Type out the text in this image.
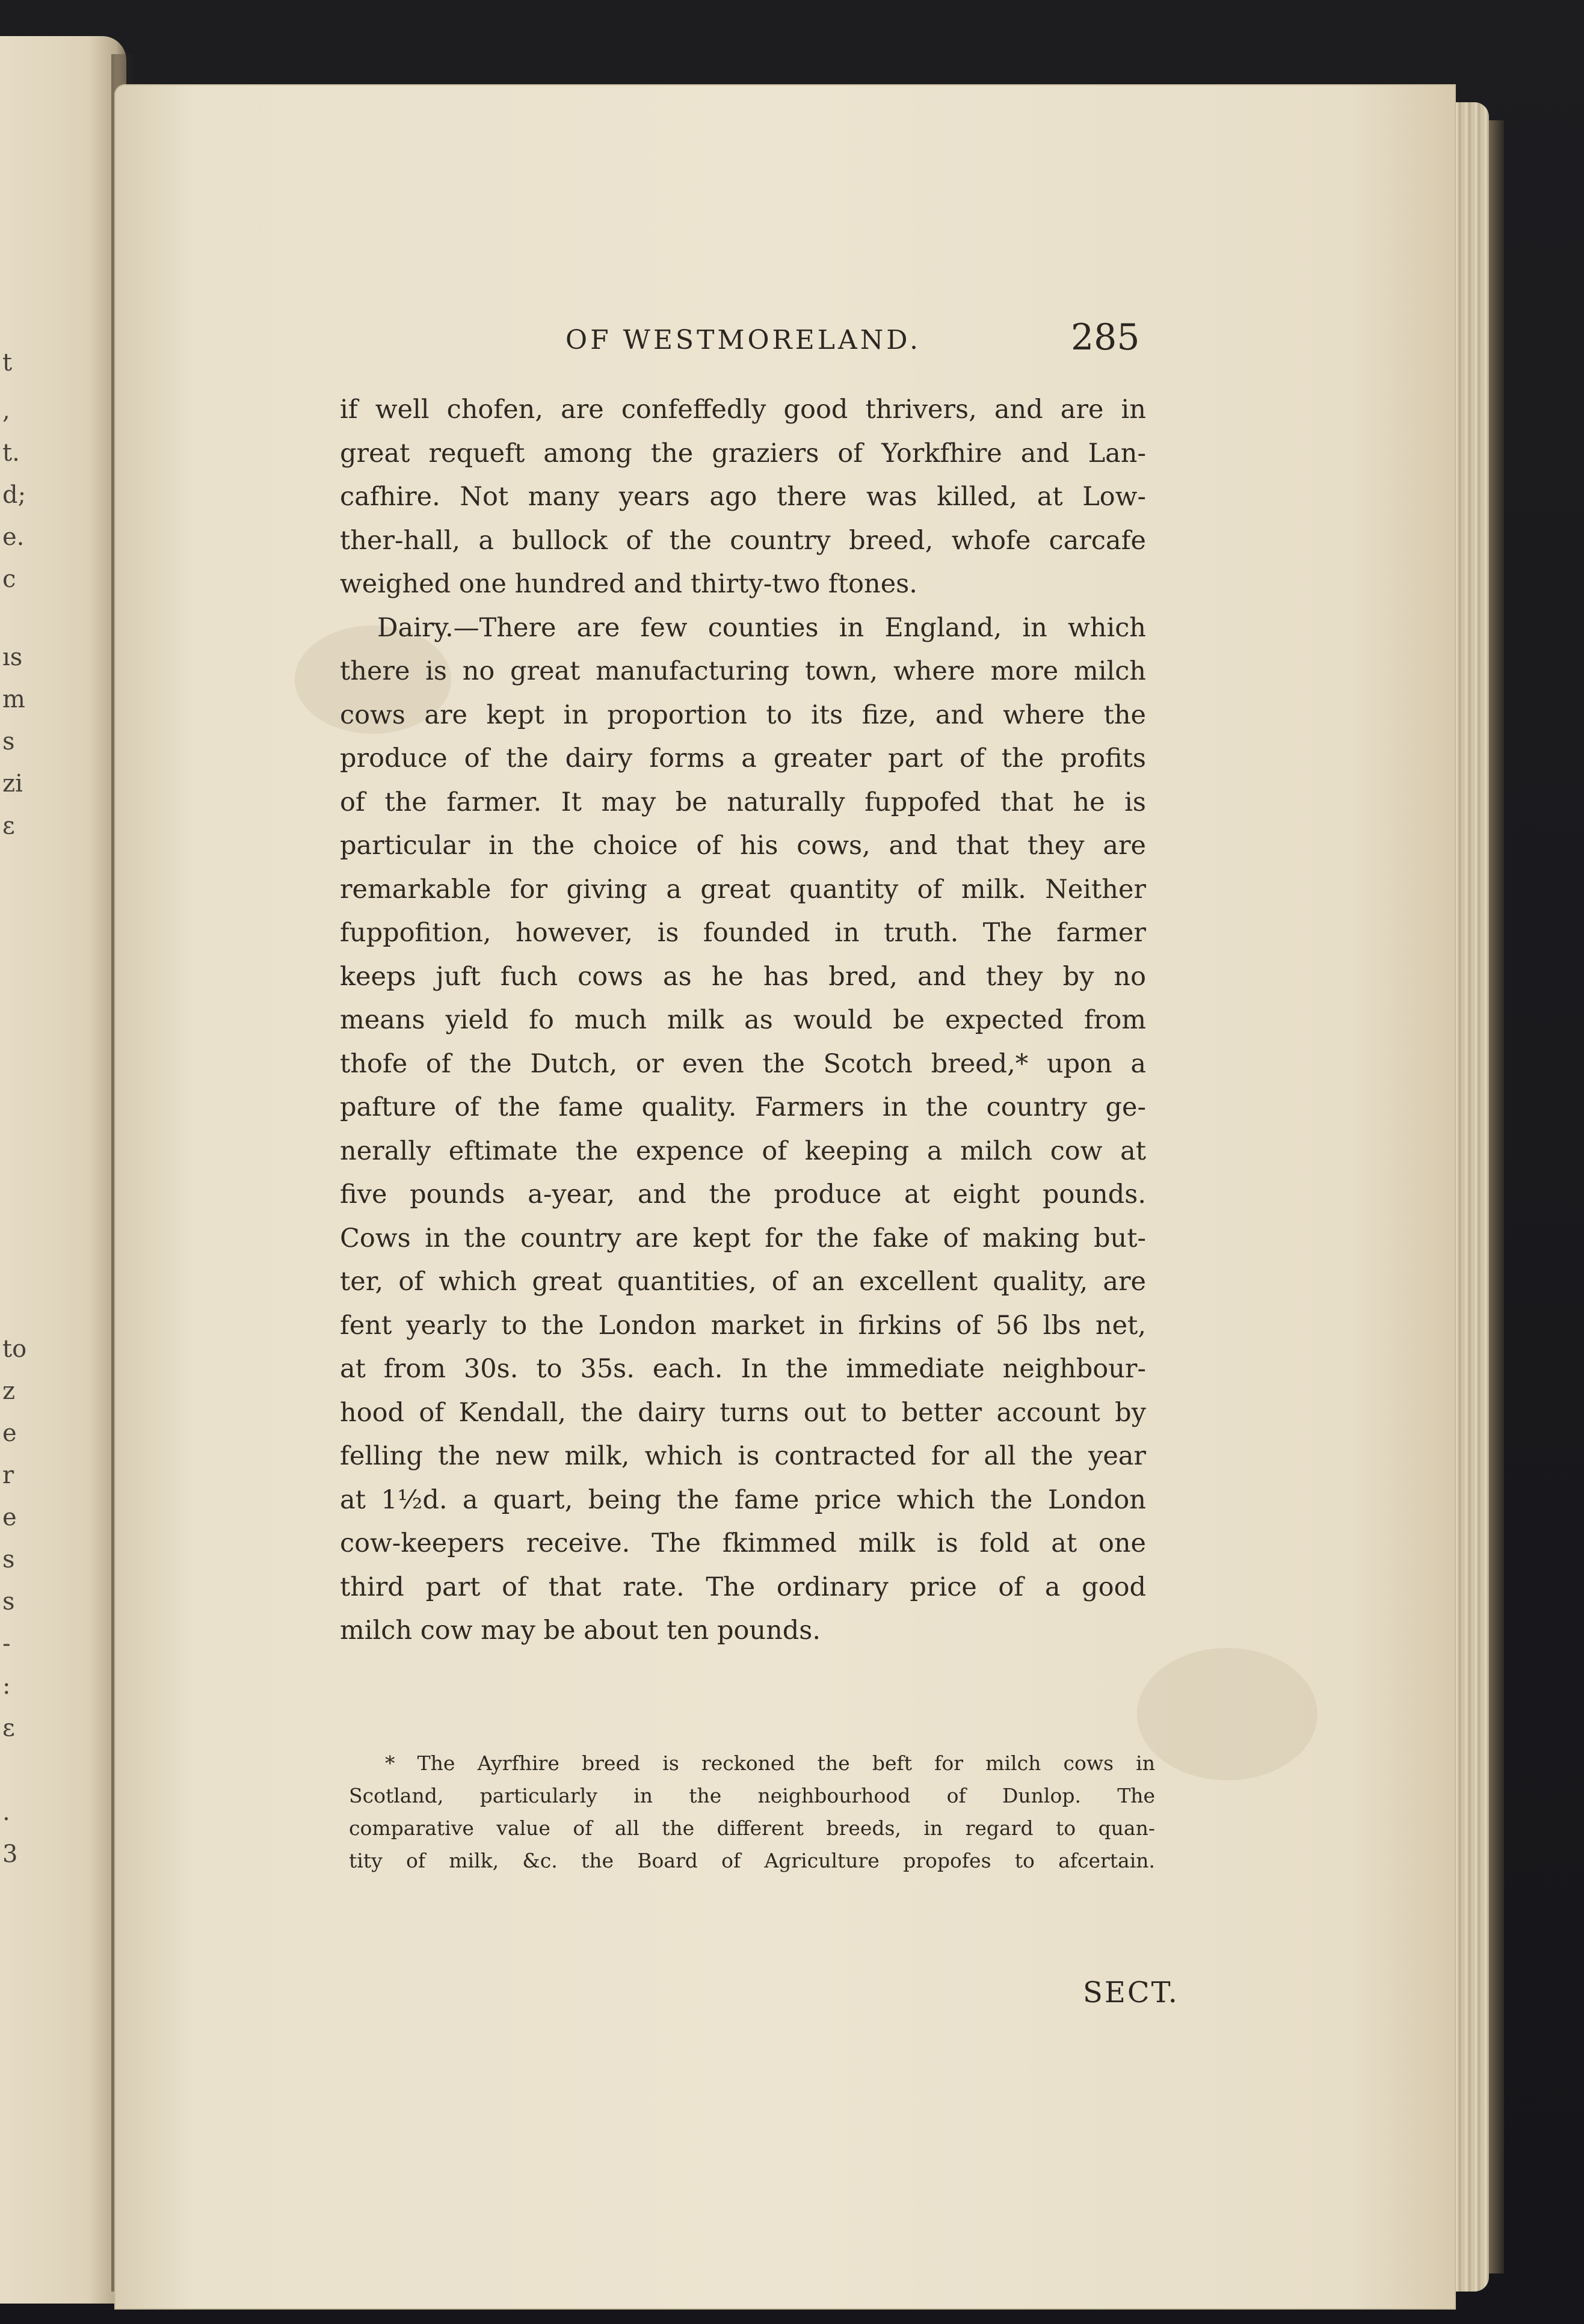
t
,
t.
d;
e.
c
ıs
m
s
zi
ε
to
z
e
r
e
s
s
-
:
ε
.
3
OF WESTMORELAND.	285
if well chofen, are confeffedly good thrivers, and are in
great requeft among the graziers of Yorkfhire and Lan-
cafhire. Not many years ago there was killed, at Low-
ther-hall, a bullock of the country breed, whofe carcafe
weighed one hundred and thirty-two ftones.
Dairy.—There are few counties in England, in which
there is no great manufacturing town, where more milch
cows are kept in proportion to its fize, and where the
produce of the dairy forms a greater part of the profits
of the farmer. It may be naturally fuppofed that he is
particular in the choice of his cows, and that they are
remarkable for giving a great quantity of milk. Neither
fuppofition, however, is founded in truth. The farmer
keeps juft fuch cows as he has bred, and they by no
means yield fo much milk as would be expected from
thofe of the Dutch, or even the Scotch breed,* upon a
pafture of the fame quality. Farmers in the country ge-
nerally eftimate the expence of keeping a milch cow at
five pounds a-year, and the produce at eight pounds.
Cows in the country are kept for the fake of making but-
ter, of which great quantities, of an excellent quality, are
fent yearly to the London market in firkins of 56 lbs net,
at from 30s. to 35s. each. In the immediate neighbour-
hood of Kendall, the dairy turns out to better account by
felling the new milk, which is contracted for all the year
at 1½d. a quart, being the fame price which the London
cow-keepers receive. The fkimmed milk is fold at one
third part of that rate. The ordinary price of a good
milch cow may be about ten pounds.
* The Ayrfhire breed is reckoned the beft for milch cows in
Scotland, particularly in the neighbourhood of Dunlop. The
comparative value of all the different breeds, in regard to quan-
tity of milk, &c. the Board of Agriculture propofes to afcertain.
SECT.
